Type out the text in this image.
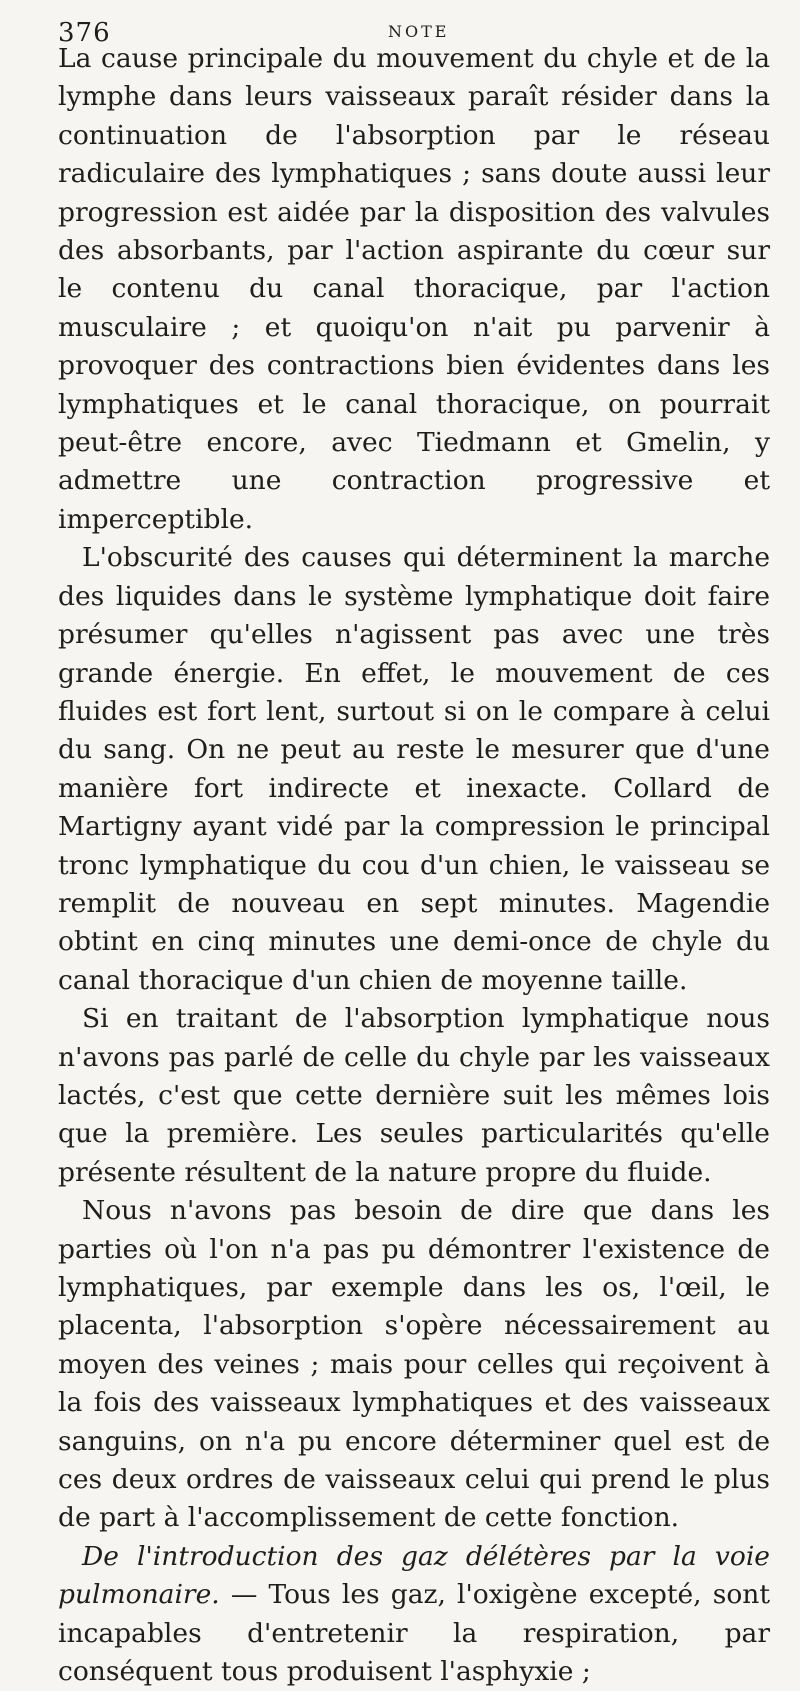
376	NOTE

La cause principale du mouvement du chyle et de la lymphe dans leurs vaisseaux paraît résider dans la continuation de l'absorption par le réseau radiculaire des lymphatiques ; sans doute aussi leur progression est aidée par la disposition des valvules des absorbants, par l'action aspirante du cœur sur le contenu du canal thoracique, par l'action musculaire ; et quoiqu'on n'ait pu parvenir à provoquer des contractions bien évidentes dans les lymphatiques et le canal thoracique, on pourrait peut-être encore, avec Tiedmann et Gmelin, y admettre une contraction progressive et imperceptible.

L'obscurité des causes qui déterminent la marche des liquides dans le système lymphatique doit faire présumer qu'elles n'agissent pas avec une très grande énergie. En effet, le mouvement de ces fluides est fort lent, surtout si on le compare à celui du sang. On ne peut au reste le mesurer que d'une manière fort indirecte et inexacte. Collard de Martigny ayant vidé par la compression le principal tronc lymphatique du cou d'un chien, le vaisseau se remplit de nouveau en sept minutes. Magendie obtint en cinq minutes une demi-once de chyle du canal thoracique d'un chien de moyenne taille.

Si en traitant de l'absorption lymphatique nous n'avons pas parlé de celle du chyle par les vaisseaux lactés, c'est que cette dernière suit les mêmes lois que la première. Les seules particularités qu'elle présente résultent de la nature propre du fluide.

Nous n'avons pas besoin de dire que dans les parties où l'on n'a pas pu démontrer l'existence de lymphatiques, par exemple dans les os, l'œil, le placenta, l'absorption s'opère nécessairement au moyen des veines ; mais pour celles qui reçoivent à la fois des vaisseaux lymphatiques et des vaisseaux sanguins, on n'a pu encore déterminer quel est de ces deux ordres de vaisseaux celui qui prend le plus de part à l'accomplissement de cette fonction.

De l'introduction des gaz délétères par la voie pulmonaire. — Tous les gaz, l'oxigène excepté, sont incapables d'entretenir la respiration, par conséquent tous produisent l'asphyxie ;
